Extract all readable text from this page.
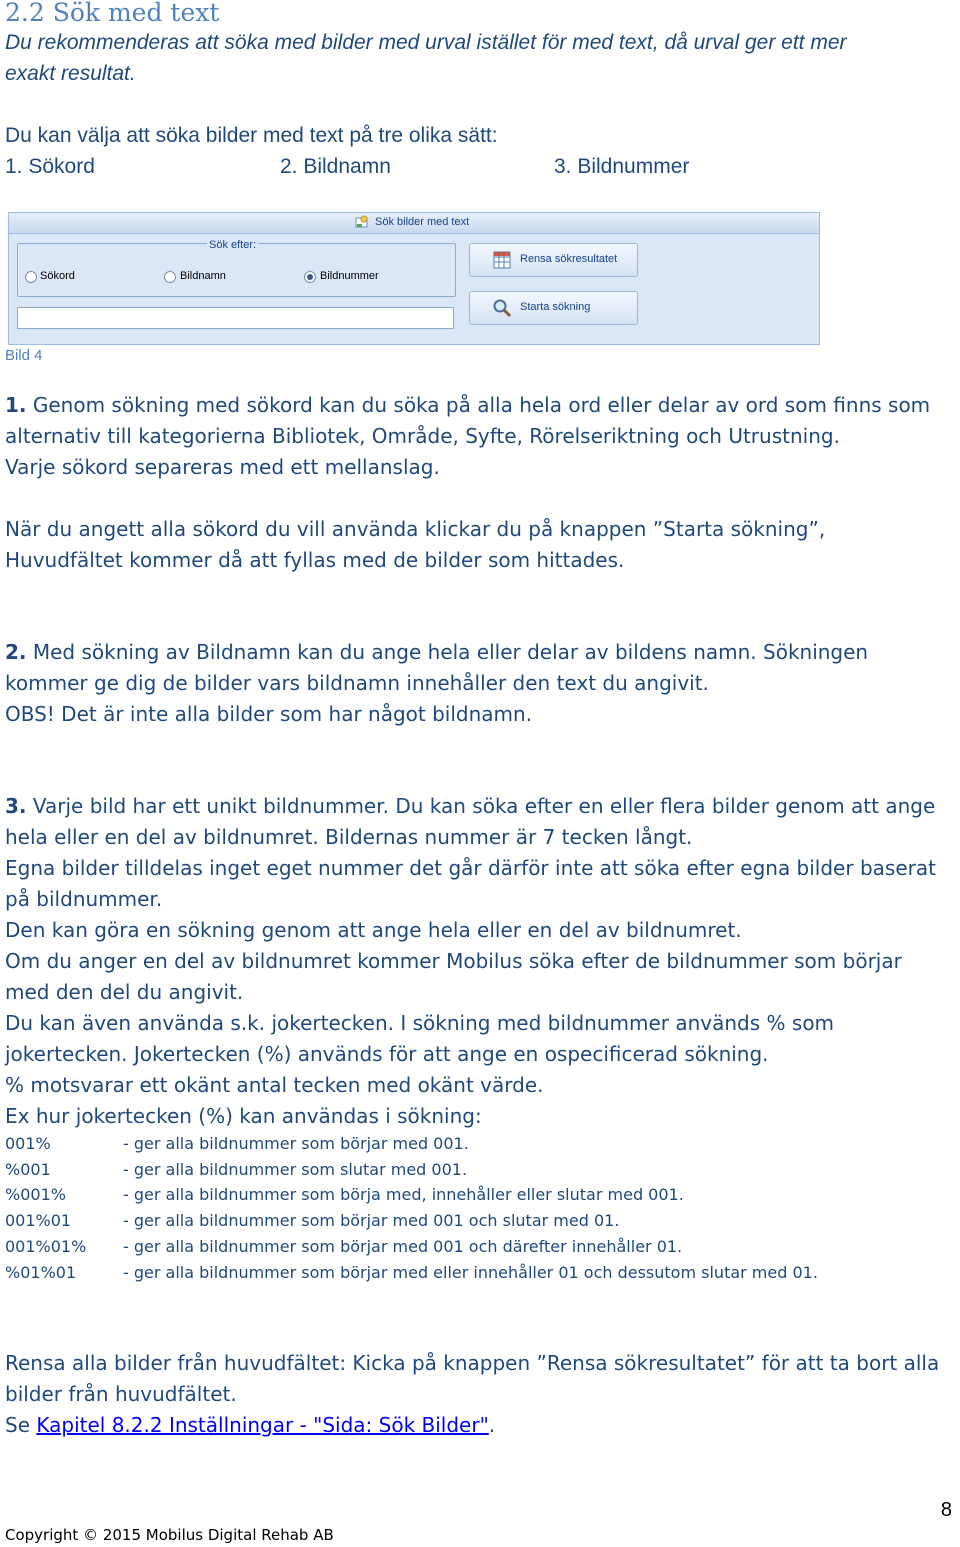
2.2 Sök med text
Du rekommenderas att söka med bilder med urval istället för med text, då urval ger ett mer
exakt resultat.
Du kan välja att söka bilder med text på tre olika sätt:
1. Sökord	2. Bildnamn	3. Bildnummer
Sök bilder med text
Sök efter:
Sökord	Bildnamn	Bildnummer
Rensa sökresultatet
Starta sökning
Bild 4
1. Genom sökning med sökord kan du söka på alla hela ord eller delar av ord som finns som
alternativ till kategorierna Bibliotek, Område, Syfte, Rörelseriktning och Utrustning.
Varje sökord separeras med ett mellanslag.
När du angett alla sökord du vill använda klickar du på knappen ”Starta sökning”,
Huvudfältet kommer då att fyllas med de bilder som hittades.
2. Med sökning av Bildnamn kan du ange hela eller delar av bildens namn. Sökningen
kommer ge dig de bilder vars bildnamn innehåller den text du angivit.
OBS! Det är inte alla bilder som har något bildnamn.
3. Varje bild har ett unikt bildnummer. Du kan söka efter en eller flera bilder genom att ange
hela eller en del av bildnumret. Bildernas nummer är 7 tecken långt.
Egna bilder tilldelas inget eget nummer det går därför inte att söka efter egna bilder baserat
på bildnummer.
Den kan göra en sökning genom att ange hela eller en del av bildnumret.
Om du anger en del av bildnumret kommer Mobilus söka efter de bildnummer som börjar
med den del du angivit.
Du kan även använda s.k. jokertecken. I sökning med bildnummer används % som
jokertecken. Jokertecken (%) används för att ange en ospecificerad sökning.
% motsvarar ett okänt antal tecken med okänt värde.
Ex hur jokertecken (%) kan användas i sökning:
001%	- ger alla bildnummer som börjar med 001.
%001	- ger alla bildnummer som slutar med 001.
%001%	- ger alla bildnummer som börja med, innehåller eller slutar med 001.
001%01	- ger alla bildnummer som börjar med 001 och slutar med 01.
001%01% - ger alla bildnummer som börjar med 001 och därefter innehåller 01.
%01%01	- ger alla bildnummer som börjar med eller innehåller 01 och dessutom slutar med 01.
Rensa alla bilder från huvudfältet: Kicka på knappen ”Rensa sökresultatet” för att ta bort alla
bilder från huvudfältet.
Se Kapitel 8.2.2 Inställningar - "Sida: Sök Bilder".
8
Copyright © 2015 Mobilus Digital Rehab AB
